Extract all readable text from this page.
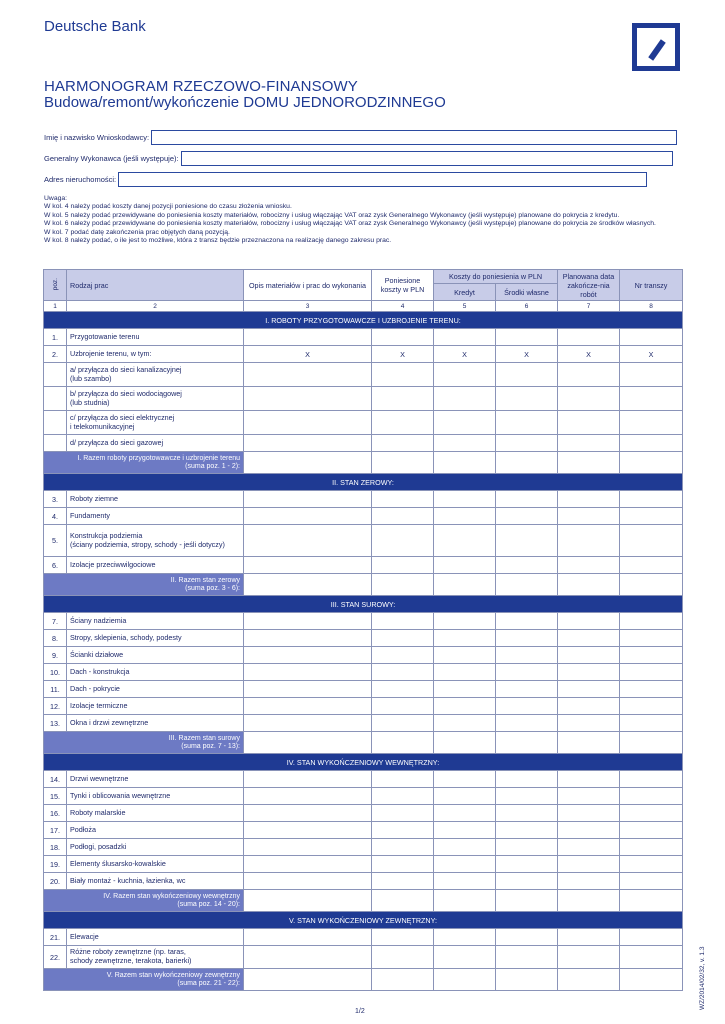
Deutsche Bank
HARMONOGRAM RZECZOWO-FINANSOWY
Budowa/remont/wykończenie DOMU JEDNORODZINNEGO
Imię i nazwisko Wnioskodawcy:
Generalny Wykonawca (jeśli występuje):
Adres nieruchomości:
Uwaga:
W kol. 4 należy podać koszty danej pozycji poniesione do czasu złożenia wniosku.
W kol. 5 należy podać przewidywane do poniesienia koszty materiałów, robocizny i usług włączając VAT oraz zysk Generalnego Wykonawcy (jeśli występuje) planowane do pokrycia z kredytu.
W kol. 6 należy podać przewidywane do poniesienia koszty materiałów, robocizny i usług włączając VAT oraz zysk Generalnego Wykonawcy (jeśli występuje) planowane do pokrycia ze środków własnych.
W kol. 7 podać datę zakończenia prac objętych daną pozycją.
W kol. 8 należy podać, o ile jest to możliwe, która z transz będzie przeznaczona na realizację danego zakresu prac.
poz.	Rodzaj prac	Opis materiałów i prac do wykonania	Poniesione koszty w PLN	Koszty do poniesienia w PLN		Planowana data zakończe-nia robót	Nr transzy
				Kredyt	Środki własne		
1	2	3	4	5	6	7	8
I. ROBOTY PRZYGOTOWAWCZE I UZBROJENIE TERENU:							
1.	Przygotowanie terenu						
2.	Uzbrojenie terenu, w tym:	X	X	X	X	X	X
	a/ przyłącza do sieci kanalizacyjnej
(lub szambo)						
	b/ przyłącza do sieci wodociągowej
(lub studnia)						
	c/ przyłącza do sieci elektrycznej
i telekomunikacyjnej						
	d/ przyłącza do sieci gazowej						
I. Razem roboty przygotowawcze i uzbrojenie terenu
(suma poz. 1 - 2):							
II. STAN ZEROWY:							
3.	Roboty ziemne						
4.	Fundamenty						
5.	Konstrukcja podziemia
(ściany podziemia, stropy, schody - jeśli dotyczy)						
6.	Izolacje przeciwwilgociowe						
II. Razem stan zerowy
(suma poz. 3 - 6):							
III. STAN SUROWY:							
7.	Ściany nadziemia						
8.	Stropy, sklepienia, schody, podesty						
9.	Ścianki działowe						
10.	Dach - konstrukcja						
11.	Dach - pokrycie						
12.	Izolacje termiczne						
13.	Okna i drzwi zewnętrzne						
III. Razem stan surowy
(suma poz. 7 - 13):							
IV. STAN WYKOŃCZENIOWY WEWNĘTRZNY:							
14.	Drzwi wewnętrzne						
15.	Tynki i oblicowania wewnętrzne						
16.	Roboty malarskie						
17.	Podłoża						
18.	Podłogi, posadzki						
19.	Elementy ślusarsko-kowalskie						
20.	Biały montaż - kuchnia, łazienka, wc						
IV. Razem stan wykończeniowy wewnętrzny
(suma poz. 14 - 20):							
V. STAN WYKOŃCZENIOWY ZEWNĘTRZNY:							
21.	Elewacje						
22.	Różne roboty zewnętrzne (np. taras,
schody zewnętrzne, terakota, barierki)						
V. Razem stan wykończeniowy zewnętrzny
(suma poz. 21 - 22):							
1/2
WZ/2014/02/32, v. 1.3
